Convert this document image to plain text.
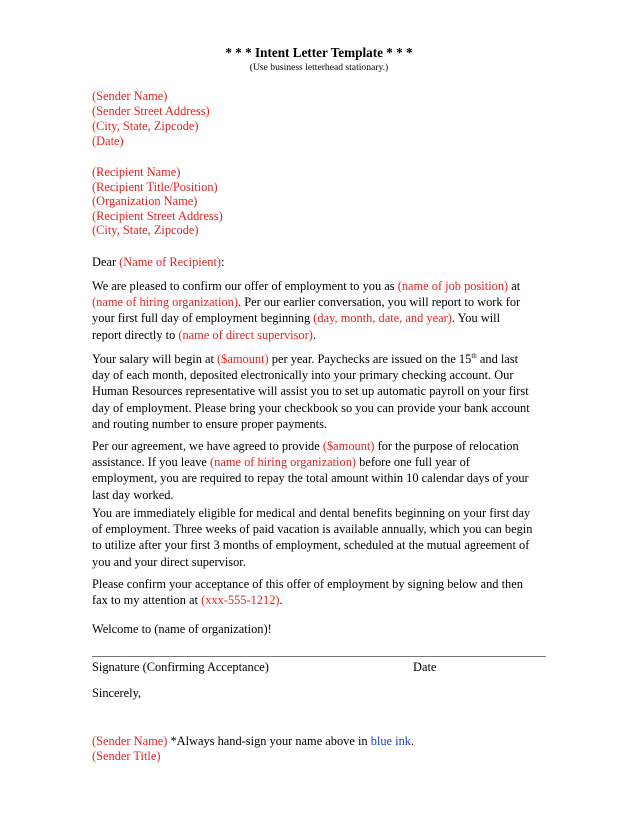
* * * Intent Letter Template * * *
(Use business letterhead stationary.)
(Sender Name)
(Sender Street Address)
(City, State, Zipcode)
(Date)
(Recipient Name)
(Recipient Title/Position)
(Organization Name)
(Recipient Street Address)
(City, State, Zipcode)
Dear (Name of Recipient):
We are pleased to confirm our offer of employment to you as (name of job position) at
(name of hiring organization). Per our earlier conversation, you will report to work for
your first full day of employment beginning (day, month, date, and year). You will
report directly to (name of direct supervisor).
Your salary will begin at ($amount) per year. Paychecks are issued on the 15th and last
day of each month, deposited electronically into your primary checking account. Our
Human Resources representative will assist you to set up automatic payroll on your first
day of employment. Please bring your checkbook so you can provide your bank account
and routing number to ensure proper payments.
Per our agreement, we have agreed to provide ($amount) for the purpose of relocation
assistance. If you leave (name of hiring organization) before one full year of
employment, you are required to repay the total amount within 10 calendar days of your
last day worked.
You are immediately eligible for medical and dental benefits beginning on your first day
of employment. Three weeks of paid vacation is available annually, which you can begin
to utilize after your first 3 months of employment, scheduled at the mutual agreement of
you and your direct supervisor.
Please confirm your acceptance of this offer of employment by signing below and then
fax to my attention at (xxx-555-1212).
Welcome to (name of organization)!
Signature (Confirming Acceptance)	Date
Sincerely,
(Sender Name) *Always hand-sign your name above in blue ink.
(Sender Title)
